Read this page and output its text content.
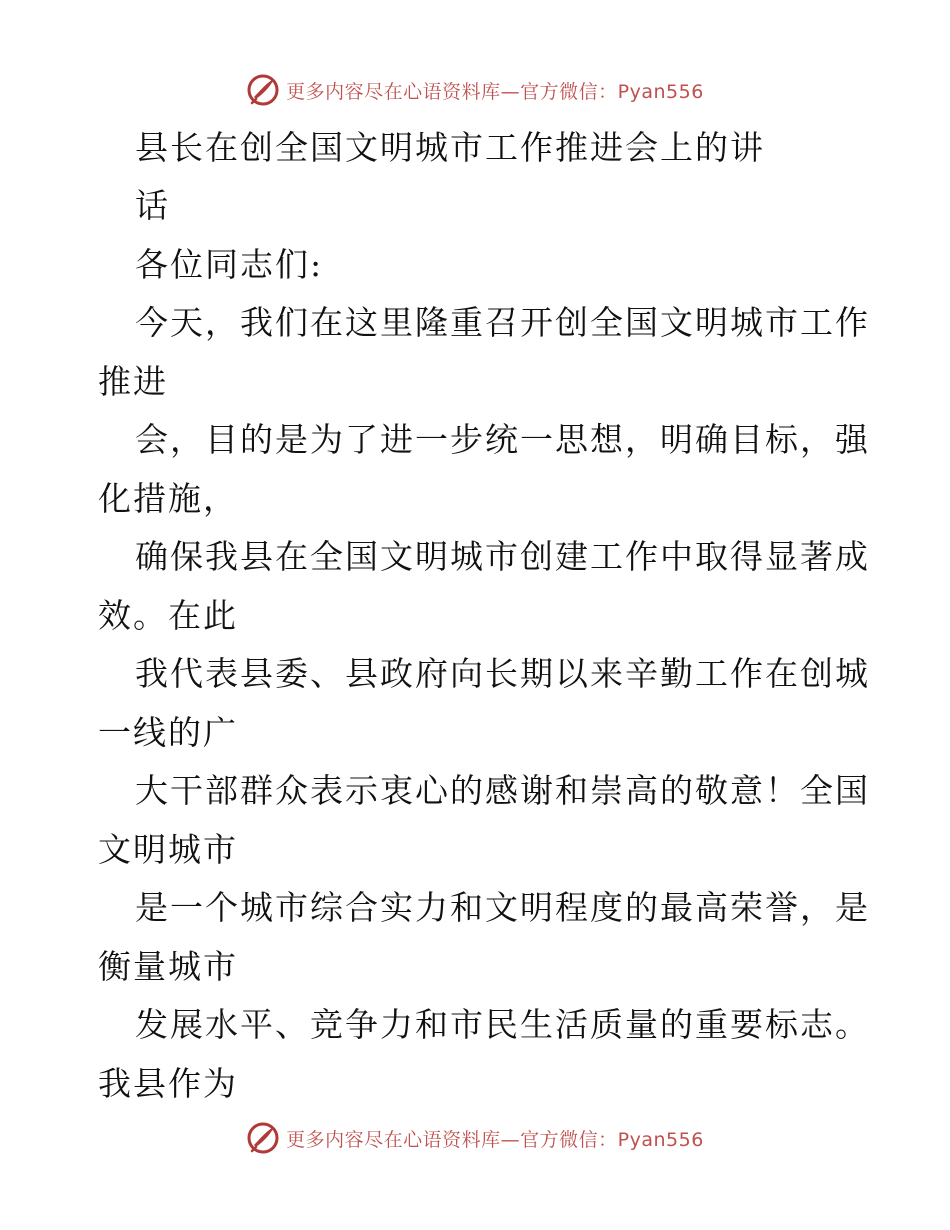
更多内容尽在心语资料库—官方微信：Pyan556
县长在创全国文明城市工作推进会上的讲
话
各位同志们:
今天，我们在这里隆重召开创全国文明城市工作
推进
会，目的是为了进一步统一思想，明确目标，强
化措施，
确保我县在全国文明城市创建工作中取得显著成
效。在此
我代表县委、县政府向长期以来辛勤工作在创城
一线的广
大干部群众表示衷心的感谢和崇高的敬意！全国
文明城市
是一个城市综合实力和文明程度的最高荣誉，是
衡量城市
发展水平、竞争力和市民生活质量的重要标志。
我县作为
更多内容尽在心语资料库—官方微信：Pyan556
